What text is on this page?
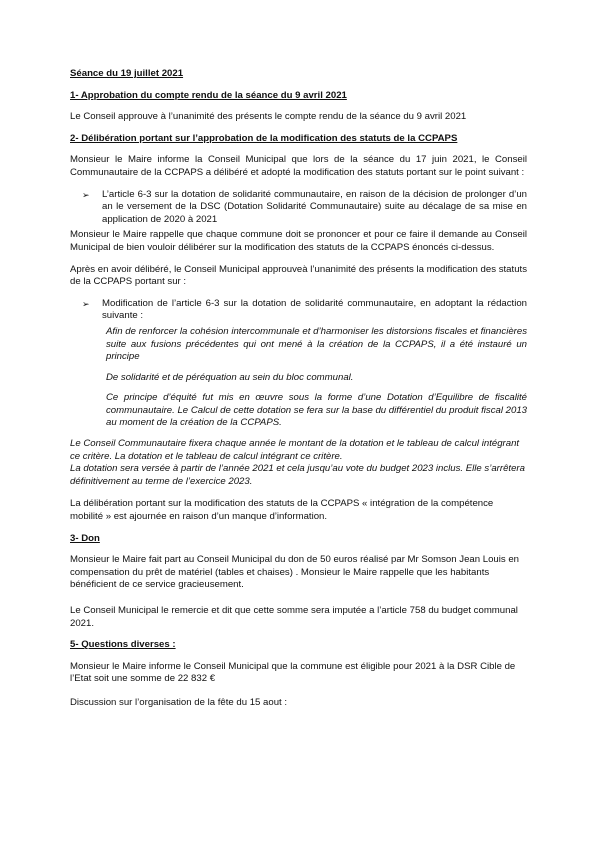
Séance du 19 juillet 2021
1- Approbation du compte rendu de la séance du 9 avril 2021

Le Conseil approuve à l’unanimité des présents le compte rendu de la séance du 9 avril 2021

2- Délibération portant sur l’approbation de la modification des statuts de la CCPAPS

Monsieur le Maire informe la Conseil Municipal que lors de la séance du 17 juin 2021, le Conseil Communautaire de la CCPAPS a délibéré et adopté la modification des statuts portant sur le point suivant :

➢ L’article 6-3 sur la dotation de solidarité communautaire, en raison de la décision de prolonger d’un an le versement de la DSC (Dotation Solidarité Communautaire) suite au décalage de sa mise en application de 2020 à 2021

Monsieur le Maire rappelle que chaque commune doit se prononcer et pour ce faire il demande au Conseil Municipal de bien vouloir délibérer sur la modification des statuts de la CCPAPS énoncés ci-dessus.

Après en avoir délibéré, le Conseil Municipal approuveà l’unanimité des présents la modification des statuts de la CCPAPS portant sur :

➢ Modification de l’article 6-3 sur la dotation de solidarité communautaire, en adoptant la rédaction suivante :

Afin de renforcer la cohésion intercommunale et d’harmoniser les distorsions fiscales et financières suite aux fusions précédentes qui ont mené à la création de la CCPAPS, il a été instauré un principe

De solidarité et de péréquation au sein du bloc communal.

Ce principe d’équité fut mis en œuvre sous la forme d’une Dotation d’Equilibre de fiscalité communautaire. Le Calcul de cette dotation se fera sur la base du différentiel du produit fiscal 2013 au moment de la création de la CCPAPS.

Le Conseil Communautaire fixera chaque année le montant de la dotation et le tableau de calcul intégrant ce critère. La dotation et le tableau de calcul intégrant ce critère.

La dotation sera versée à partir de l’année 2021 et cela jusqu’au vote du budget 2023 inclus. Elle s’arrêtera définitivement au terme de l’exercice 2023.

La délibération portant sur la modification des statuts de la CCPAPS « intégration de la compétence mobilité » est ajournée en raison d’un manque d’information.

3- Don

Monsieur le Maire fait part au Conseil Municipal du don de 50 euros réalisé par Mr Somson Jean Louis en compensation du prêt de matériel (tables et chaises) . Monsieur le Maire rappelle que les habitants bénéficient de ce service gracieusement.

Le Conseil Municipal le remercie et dit que cette somme sera imputée a l’article 758 du budget communal 2021.

5- Questions diverses :

Monsieur le Maire informe le Conseil Municipal que la commune est éligible pour 2021 à la DSR Cible de l’Etat soit une somme de 22 832 €

Discussion sur l’organisation de la fête du 15 aout :
